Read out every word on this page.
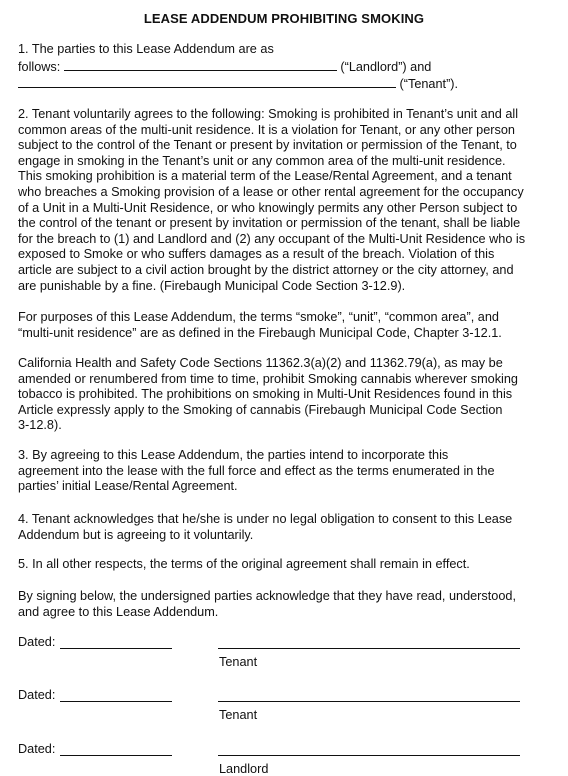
LEASE ADDENDUM PROHIBITING SMOKING
1. The parties to this Lease Addendum are as
follows:	(“Landlord”) and
(“Tenant”).
2. Tenant voluntarily agrees to the following: Smoking is prohibited in Tenant’s unit and all
common areas of the multi-unit residence. It is a violation for Tenant, or any other person
subject to the control of the Tenant or present by invitation or permission of the Tenant, to
engage in smoking in the Tenant’s unit or any common area of the multi-unit residence.
This smoking prohibition is a material term of the Lease/Rental Agreement, and a tenant
who breaches a Smoking provision of a lease or other rental agreement for the occupancy
of a Unit in a Multi-Unit Residence, or who knowingly permits any other Person subject to
the control of the tenant or present by invitation or permission of the tenant, shall be liable
for the breach to (1) and Landlord and (2) any occupant of the Multi-Unit Residence who is
exposed to Smoke or who suffers damages as a result of the breach. Violation of this
article are subject to a civil action brought by the district attorney or the city attorney, and
are punishable by a fine. (Firebaugh Municipal Code Section 3-12.9).
For purposes of this Lease Addendum, the terms “smoke”, “unit”, “common area”, and
“multi-unit residence” are as defined in the Firebaugh Municipal Code, Chapter 3-12.1.
California Health and Safety Code Sections 11362.3(a)(2) and 11362.79(a), as may be
amended or renumbered from time to time, prohibit Smoking cannabis wherever smoking
tobacco is prohibited. The prohibitions on smoking in Multi-Unit Residences found in this
Article expressly apply to the Smoking of cannabis (Firebaugh Municipal Code Section
3-12.8).
3. By agreeing to this Lease Addendum, the parties intend to incorporate this
agreement into the lease with the full force and effect as the terms enumerated in the
parties’ initial Lease/Rental Agreement.
4. Tenant acknowledges that he/she is under no legal obligation to consent to this Lease
Addendum but is agreeing to it voluntarily.
5. In all other respects, the terms of the original agreement shall remain in effect.
By signing below, the undersigned parties acknowledge that they have read, understood,
and agree to this Lease Addendum.
Dated:
Tenant
Dated:
Tenant
Dated:
Landlord
